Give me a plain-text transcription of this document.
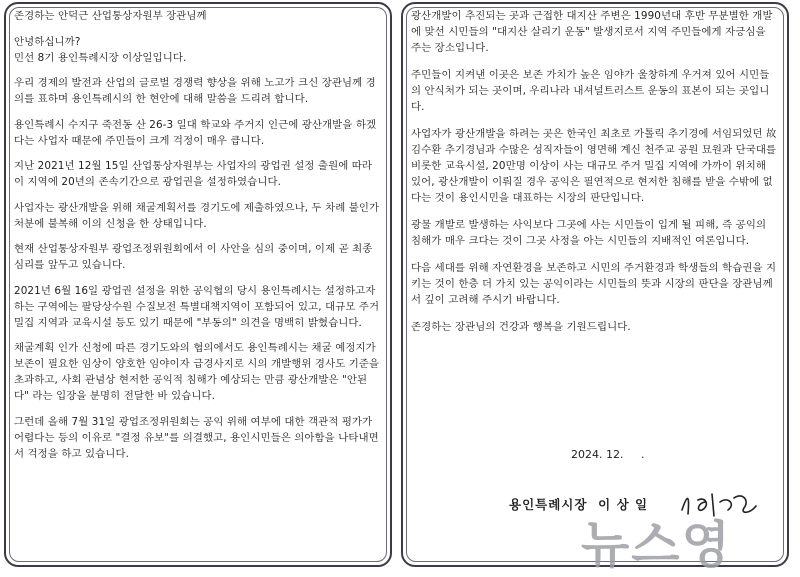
존경하는 안덕근 산업통상자원부 장관님께

안녕하십니까?
민선 8기 용인특례시장 이상일입니다.

우리 경제의 발전과 산업의 글로벌 경쟁력 향상을 위해 노고가 크신 장관님께 경의를 표하며 용인특례시의 한 현안에 대해 말씀을 드리려 합니다.

용인특례시 수지구 죽전동 산 26-3 일대 학교와 주거지 인근에 광산개발을 하겠다는 사업자 때문에 주민들이 크게 걱정이 매우 큽니다.

지난 2021년 12월 15일 산업통상자원부는 사업자의 광업권 설정 출원에 따라 이 지역에 20년의 존속기간으로 광업권을 설정하였습니다.

사업자는 광산개발을 위해 채굴계획서를 경기도에 제출하였으나, 두 차례 불인가 처분에 불복해 이의 신청을 한 상태입니다.

현재 산업통상자원부 광업조정위원회에서 이 사안을 심의 중이며, 이제 곧 최종 심리를 앞두고 있습니다.

2021년 6월 16일 광업권 설정을 위한 공익협의 당시 용인특례시는 설정하고자 하는 구역에는 팔당상수원 수질보전 특별대책지역이 포함되어 있고, 대규모 주거 밀집 지역과 교육시설 등도 있기 때문에 "부동의" 의견을 명백히 밝혔습니다.

채굴계획 인가 신청에 따른 경기도와의 협의에서도 용인특례시는 채굴 예정지가 보존이 필요한 임상이 양호한 임야이자 급경사지로 시의 개발행위 경사도 기준을 초과하고, 사회 관념상 현저한 공익적 침해가 예상되는 만큼 광산개발은 "안된다" 라는 입장을 분명히 전달한 바 있습니다.

그런데 올해 7월 31일 광업조정위원회는 공익 위해 여부에 대한 객관적 평가가 어렵다는 등의 이유로 "결정 유보"를 의결했고, 용인시민들은 의아함을 나타내면서 걱정을 하고 있습니다.

광산개발이 추진되는 곳과 근접한 대지산 주변은 1990년대 후반 무분별한 개발에 맞선 시민들의 "대지산 살리기 운동" 발생지로서 지역 주민들에게 자긍심을 주는 장소입니다.

주민들이 지켜낸 이곳은 보존 가치가 높은 임야가 울창하게 우거져 있어 시민들의 안식처가 되는 곳이며, 우리나라 내셔널트러스트 운동의 표본이 되는 곳입니다.

사업자가 광산개발을 하려는 곳은 한국인 최초로 가톨릭 추기경에 서임되었던 故 김수환 추기경님과 수많은 성직자들이 영면해 계신 천주교 공원 묘원과 단국대를 비롯한 교육시설, 20만명 이상이 사는 대규모 주거 밀집 지역에 가까이 위치해 있어, 광산개발이 이뤄질 경우 공익은 필연적으로 현저한 침해를 받을 수밖에 없다는 것이 용인시민을 대표하는 시장의 판단입니다.

광물 개발로 발생하는 사익보다 그곳에 사는 시민들이 입게 될 피해, 즉 공익의 침해가 매우 크다는 것이 그곳 사정을 아는 시민들의 지배적인 여론입니다.

다음 세대를 위해 자연환경을 보존하고 시민의 주거환경과 학생들의 학습권을 지키는 것이 한층 더 가치 있는 공익이라는 시민들의 뜻과 시장의 판단을 장관님께서 깊이 고려해 주시기 바랍니다.

존경하는 장관님의 건강과 행복을 기원드립니다.

2024. 12.     .
용인특례시장  이 상 일
뉴스영
